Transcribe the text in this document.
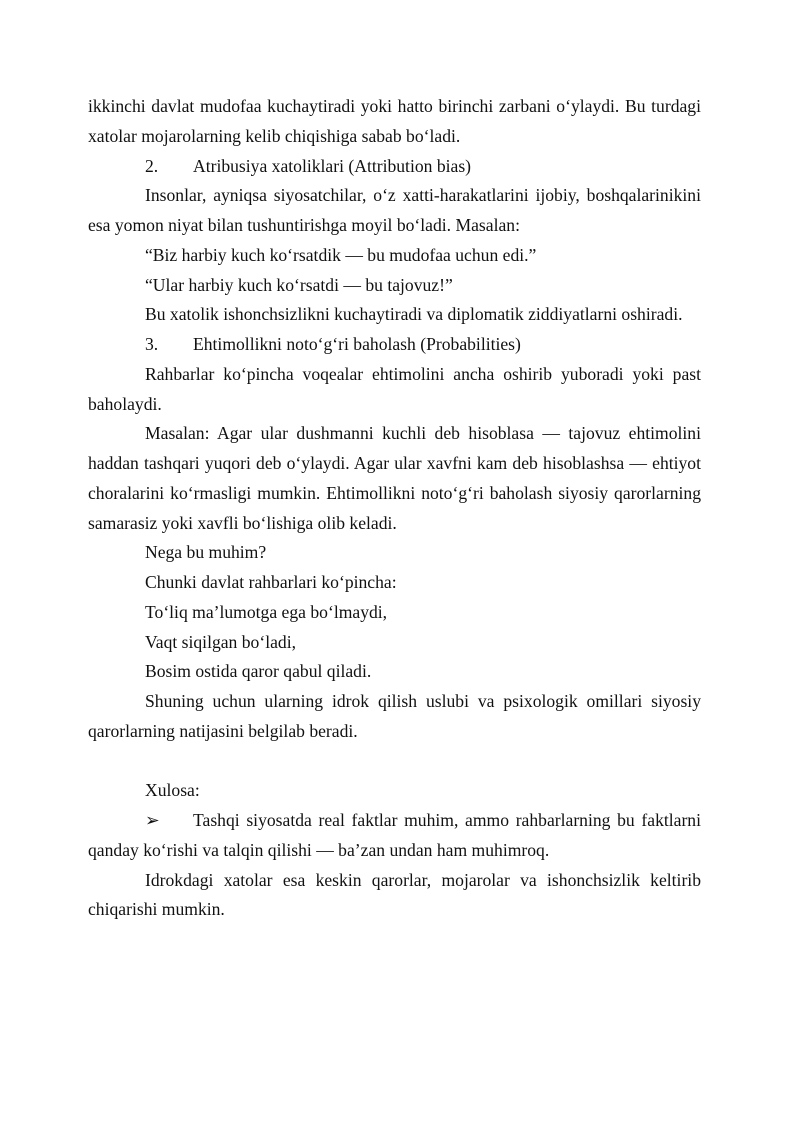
ikkinchi davlat mudofaa kuchaytiradi yoki hatto birinchi zarbani o‘ylaydi. Bu turdagi xatolar mojarolarning kelib chiqishiga sabab bo‘ladi.

2. Atribusiya xatoliklari (Attribution bias)

Insonlar, ayniqsa siyosatchilar, o‘z xatti-harakatlarini ijobiy, boshqalarinikini esa yomon niyat bilan tushuntirishga moyil bo‘ladi. Masalan:

“Biz harbiy kuch ko‘rsatdik — bu mudofaa uchun edi.”

“Ular harbiy kuch ko‘rsatdi — bu tajovuz!”

Bu xatolik ishonchsizlikni kuchaytiradi va diplomatik ziddiyatlarni oshiradi.

3. Ehtimollikni noto‘g‘ri baholash (Probabilities)

Rahbarlar ko‘pincha voqealar ehtimolini ancha oshirib yuboradi yoki past baholaydi.

Masalan: Agar ular dushmanni kuchli deb hisoblasa — tajovuz ehtimolini haddan tashqari yuqori deb o‘ylaydi. Agar ular xavfni kam deb hisoblashsa — ehtiyot choralarini ko‘rmasligi mumkin. Ehtimollikni noto‘g‘ri baholash siyosiy qarorlarning samarasiz yoki xavfli bo‘lishiga olib keladi.

Nega bu muhim?

Chunki davlat rahbarlari ko‘pincha:

To‘liq ma’lumotga ega bo‘lmaydi,

Vaqt siqilgan bo‘ladi,

Bosim ostida qaror qabul qiladi.

Shuning uchun ularning idrok qilish uslubi va psixologik omillari siyosiy qarorlarning natijasini belgilab beradi.

Xulosa:

➢ Tashqi siyosatda real faktlar muhim, ammo rahbarlarning bu faktlarni qanday ko‘rishi va talqin qilishi — ba’zan undan ham muhimroq.

Idrokdagi xatolar esa keskin qarorlar, mojarolar va ishonchsizlik keltirib chiqarishi mumkin.
